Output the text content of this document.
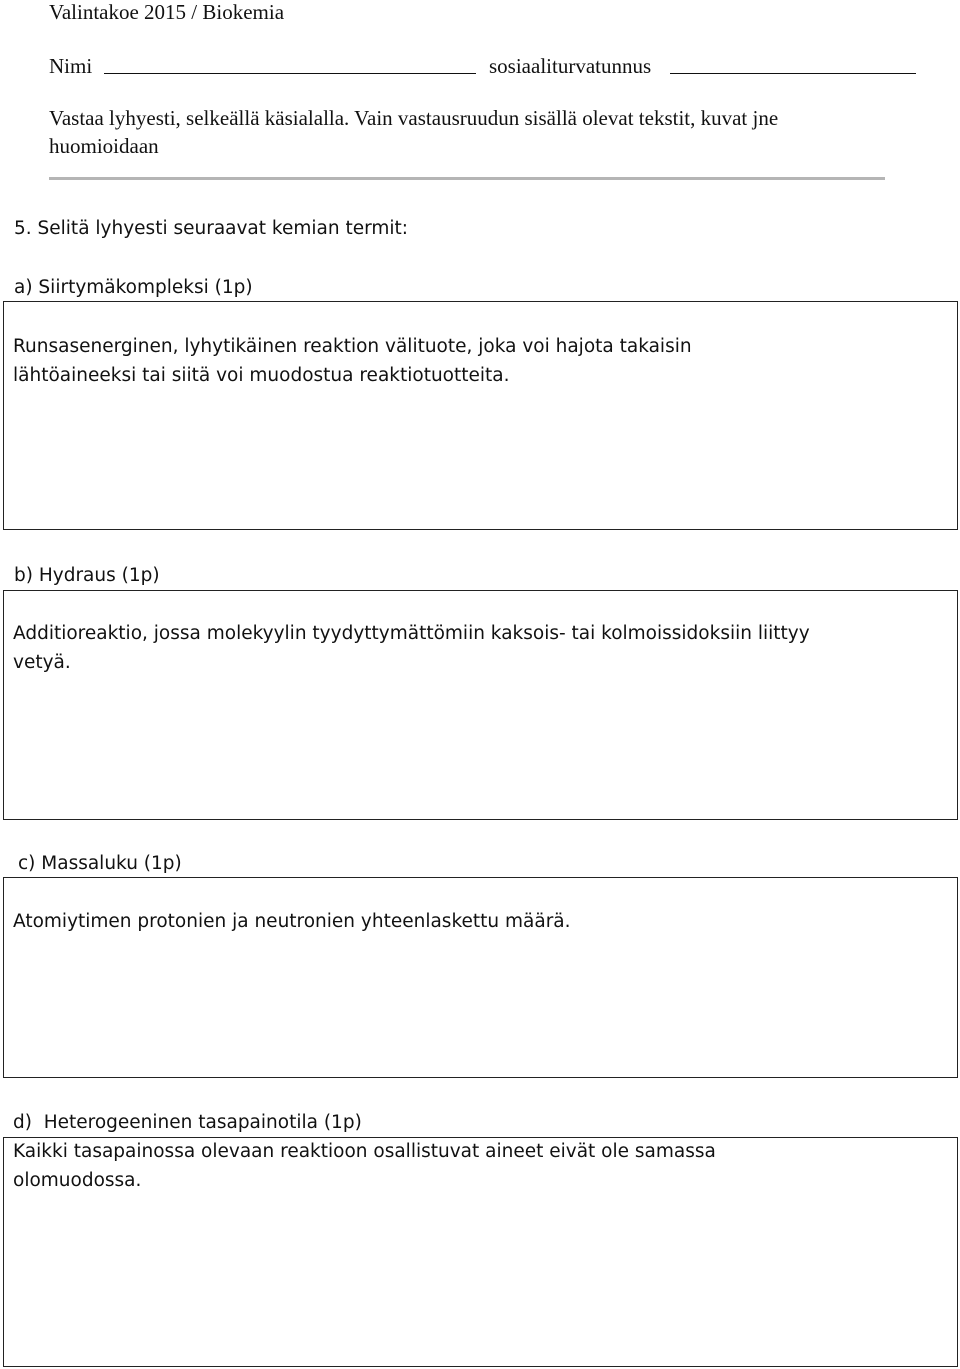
Valintakoe 2015 / Biokemia
Nimi	sosiaaliturvatunnus
Vastaa lyhyesti, selkeällä käsialalla. Vain vastausruudun sisällä olevat tekstit, kuvat jne huomioidaan
5. Selitä lyhyesti seuraavat kemian termit:
a) Siirtymäkompleksi (1p)
Runsasenerginen, lyhytikäinen reaktion välituote, joka voi hajota takaisin lähtöaineeksi tai siitä voi muodostua reaktiotuotteita.
b) Hydraus (1p)
Additioreaktio, jossa molekyylin tyydyttymättömiin kaksois- tai kolmoissidoksiin liittyy vetyä.
c) Massaluku (1p)
Atomiytimen protonien ja neutronien yhteenlaskettu määrä.
d)  Heterogeeninen tasapainotila (1p)
Kaikki tasapainossa olevaan reaktioon osallistuvat aineet eivät ole samassa olomuodossa.
